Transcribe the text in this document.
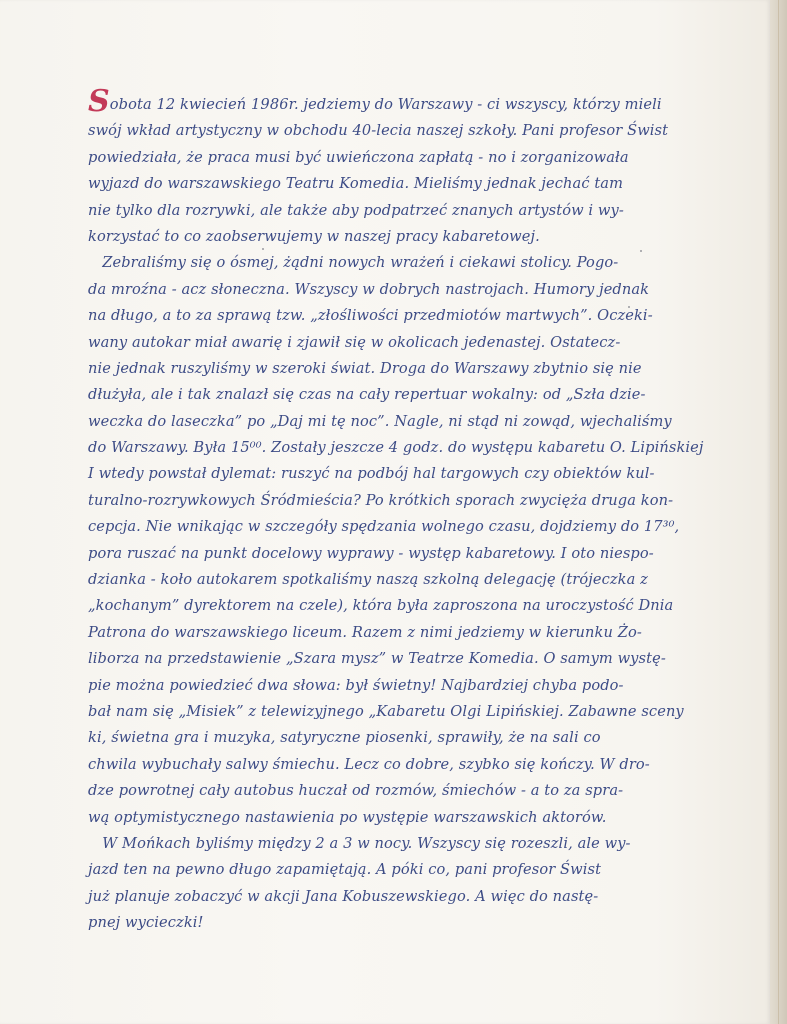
Sobota 12 kwiecień 1986r. jedziemy do Warszawy - ci wszyscy, którzy mieli
swój wkład artystyczny w obchodu 40-lecia naszej szkoły. Pani profesor Świst
powiedziała, że praca musi być uwieńczona zapłatą - no i zorganizowała
wyjazd do warszawskiego Teatru Komedia. Mieliśmy jednak jechać tam
nie tylko dla rozrywki, ale także aby podpatrzeć znanych artystów i wy-
korzystać to co zaobserwujemy w naszej pracy kabaretowej.
Zebraliśmy się o ósmej, żądni nowych wrażeń i ciekawi stolicy. Pogo-
da mroźna - acz słoneczna. Wszyscy w dobrych nastrojach. Humory jednak
na długo, a to za sprawą tzw. „złośliwości przedmiotów martwych”. Oczeki-
wany autokar miał awarię i zjawił się w okolicach jedenastej. Ostatecz-
nie jednak ruszyliśmy w szeroki świat. Droga do Warszawy zbytnio się nie
dłużyła, ale i tak znalazł się czas na cały repertuar wokalny: od „Szła dzie-
weczka do laseczka” po „Daj mi tę noc”. Nagle, ni stąd ni zowąd, wjechaliśmy
do Warszawy. Była 15⁰⁰. Zostały jeszcze 4 godz. do występu kabaretu O. Lipińskiej
I wtedy powstał dylemat: ruszyć na podbój hal targowych czy obiektów kul-
turalno-rozrywkowych Śródmieścia? Po krótkich sporach zwycięża druga kon-
cepcja. Nie wnikając w szczegóły spędzania wolnego czasu, dojdziemy do 17³⁰,
pora ruszać na punkt docelowy wyprawy - występ kabaretowy. I oto niespo-
dzianka - koło autokarem spotkaliśmy naszą szkolną delegację (trójeczka z
„kochanym” dyrektorem na czele), która była zaproszona na uroczystość Dnia
Patrona do warszawskiego liceum. Razem z nimi jedziemy w kierunku Żo-
liborza na przedstawienie „Szara mysz” w Teatrze Komedia. O samym wystę-
pie można powiedzieć dwa słowa: był świetny! Najbardziej chyba podo-
bał nam się „Misiek” z telewizyjnego „Kabaretu Olgi Lipińskiej. Zabawne sceny
ki, świetna gra i muzyka, satyryczne piosenki, sprawiły, że na sali co
chwila wybuchały salwy śmiechu. Lecz co dobre, szybko się kończy. W dro-
dze powrotnej cały autobus huczał od rozmów, śmiechów - a to za spra-
wą optymistycznego nastawienia po występie warszawskich aktorów.
W Mońkach byliśmy między 2 a 3 w nocy. Wszyscy się rozeszli, ale wy-
jazd ten na pewno długo zapamiętają. A póki co, pani profesor Świst
już planuje zobaczyć w akcji Jana Kobuszewskiego. A więc do nastę-
pnej wycieczki!
